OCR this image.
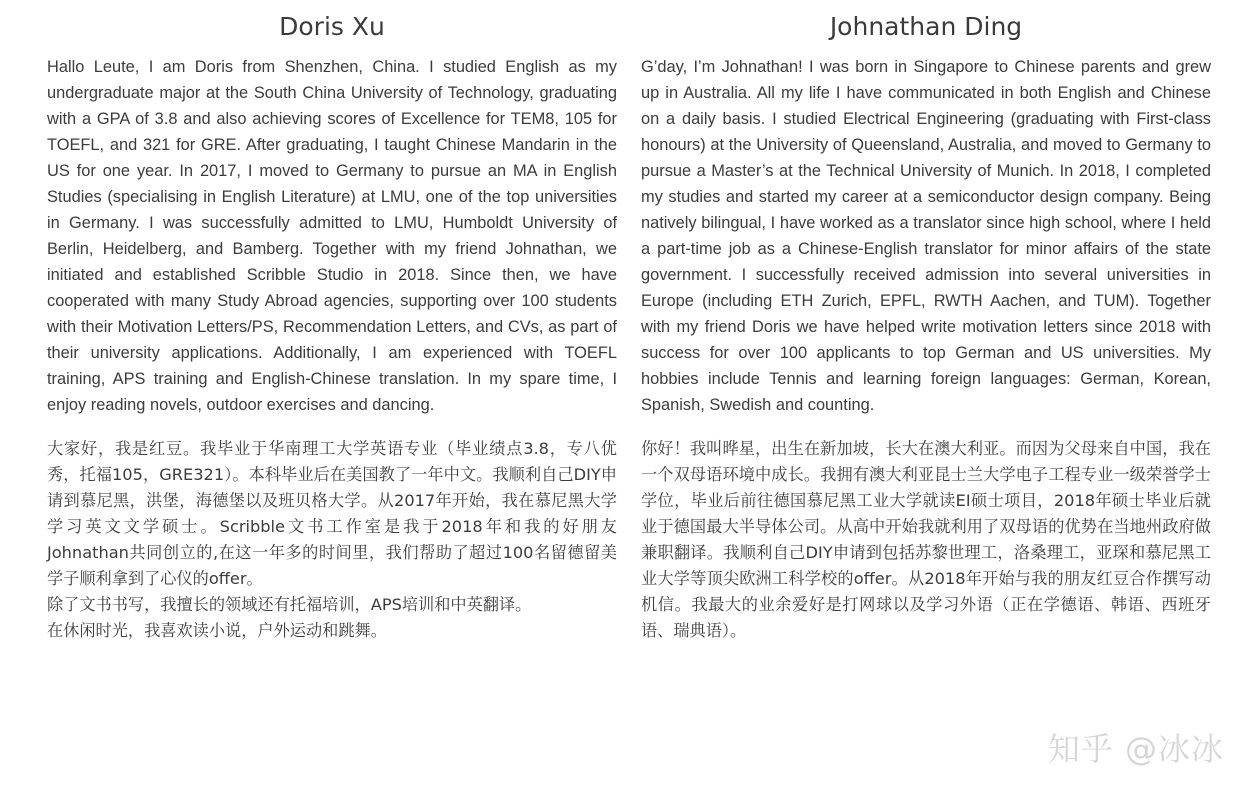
Doris Xu

Hallo Leute, I am Doris from Shenzhen, China. I studied English as my undergraduate major at the South China University of Technology, graduating with a GPA of 3.8 and also achieving scores of Excellence for TEM8, 105 for TOEFL, and 321 for GRE. After graduating, I taught Chinese Mandarin in the US for one year. In 2017, I moved to Germany to pursue an MA in English Studies (specialising in English Literature) at LMU, one of the top universities in Germany. I was successfully admitted to LMU, Humboldt University of Berlin, Heidelberg, and Bamberg. Together with my friend Johnathan, we initiated and established Scribble Studio in 2018. Since then, we have cooperated with many Study Abroad agencies, supporting over 100 students with their Motivation Letters/PS, Recommendation Letters, and CVs, as part of their university applications. Additionally, I am experienced with TOEFL training, APS training and English-Chinese translation. In my spare time, I enjoy reading novels, outdoor exercises and dancing.

大家好，我是红豆。我毕业于华南理工大学英语专业（毕业绩点3.8，专八优秀，托福105，GRE321）。本科毕业后在美国教了一年中文。我顺利自己DIY申请到慕尼黑，洪堡，海德堡以及班贝格大学。从2017年开始，我在慕尼黑大学学习英文文学硕士。Scribble文书工作室是我于2018年和我的好朋友Johnathan共同创立的,在这一年多的时间里，我们帮助了超过100名留德留美学子顺利拿到了心仪的offer。

除了文书书写，我擅长的领域还有托福培训，APS培训和中英翻译。

在休闲时光，我喜欢读小说，户外运动和跳舞。

Johnathan Ding

G’day, I’m Johnathan! I was born in Singapore to Chinese parents and grew up in Australia. All my life I have communicated in both English and Chinese on a daily basis. I studied Electrical Engineering (graduating with First-class honours) at the University of Queensland, Australia, and moved to Germany to pursue a Master’s at the Technical University of Munich. In 2018, I completed my studies and started my career at a semiconductor design company. Being natively bilingual, I have worked as a translator since high school, where I held a part-time job as a Chinese-English translator for minor affairs of the state government. I successfully received admission into several universities in Europe (including ETH Zurich, EPFL, RWTH Aachen, and TUM). Together with my friend Doris we have helped write motivation letters since 2018 with success for over 100 applicants to top German and US universities. My hobbies include Tennis and learning foreign languages: German, Korean, Spanish, Swedish and counting.

你好！我叫晔星，出生在新加坡，长大在澳大利亚。而因为父母来自中国，我在一个双母语环境中成长。我拥有澳大利亚昆士兰大学电子工程专业一级荣誉学士学位，毕业后前往德国慕尼黑工业大学就读EI硕士项目，2018年硕士毕业后就业于德国最大半导体公司。从高中开始我就利用了双母语的优势在当地州政府做兼职翻译。我顺利自己DIY申请到包括苏黎世理工，洛桑理工，亚琛和慕尼黑工业大学等顶尖欧洲工科学校的offer。从2018年开始与我的朋友红豆合作撰写动机信。我最大的业余爱好是打网球以及学习外语（正在学德语、韩语、西班牙语、瑞典语）。

知乎 @冰冰
